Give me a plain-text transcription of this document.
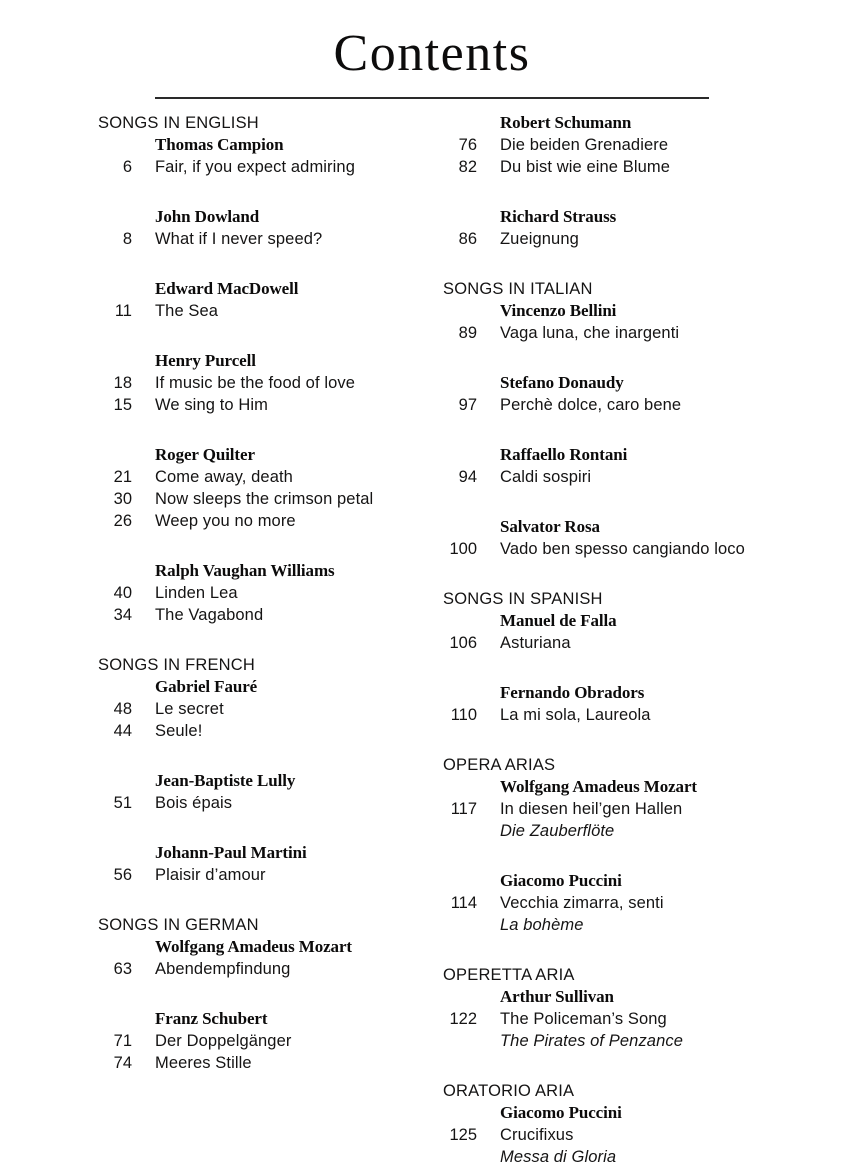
Contents
SONGS IN ENGLISH
Thomas Campion
6	Fair, if you expect admiring
John Dowland
8	What if I never speed?
Edward MacDowell
11	The Sea
Henry Purcell
18	If music be the food of love
15	We sing to Him
Roger Quilter
21	Come away, death
30	Now sleeps the crimson petal
26	Weep you no more
Ralph Vaughan Williams
40	Linden Lea
34	The Vagabond
SONGS IN FRENCH
Gabriel Fauré
48	Le secret
44	Seule!
Jean-Baptiste Lully
51	Bois épais
Johann-Paul Martini
56	Plaisir d’amour
SONGS IN GERMAN
Wolfgang Amadeus Mozart
63	Abendempfindung
Franz Schubert
71	Der Doppelgänger
74	Meeres Stille
Robert Schumann
76	Die beiden Grenadiere
82	Du bist wie eine Blume
Richard Strauss
86	Zueignung
SONGS IN ITALIAN
Vincenzo Bellini
89	Vaga luna, che inargenti
Stefano Donaudy
97	Perchè dolce, caro bene
Raffaello Rontani
94	Caldi sospiri
Salvator Rosa
100	Vado ben spesso cangiando loco
SONGS IN SPANISH
Manuel de Falla
106	Asturiana
Fernando Obradors
110	La mi sola, Laureola
OPERA ARIAS
Wolfgang Amadeus Mozart
117	In diesen heil’gen Hallen
Die Zauberflöte
Giacomo Puccini
114	Vecchia zimarra, senti
La bohème
OPERETTA ARIA
Arthur Sullivan
122	The Policeman’s Song
The Pirates of Penzance
ORATORIO ARIA
Giacomo Puccini
125	Crucifixus
Messa di Gloria
